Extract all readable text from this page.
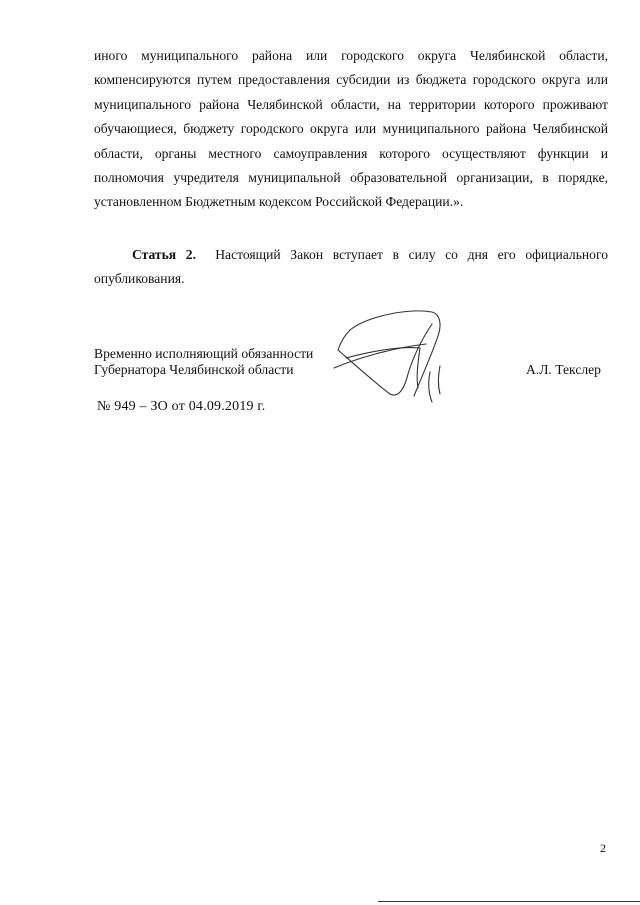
иного муниципального района или городского округа Челябинской области, компенсируются путем предоставления субсидии из бюджета городского округа или муниципального района Челябинской области, на территории которого проживают обучающиеся, бюджету городского округа или муниципального района Челябинской области, органы местного самоуправления которого осуществляют функции и полномочия учредителя муниципальной образовательной организации, в порядке, установленном Бюджетным кодексом Российской Федерации.».

Статья 2. Настоящий Закон вступает в силу со дня его официального опубликования.

Временно исполняющий обязанности
Губернатора Челябинской области	А.Л. Текслер
№ 949 – ЗО от 04.09.2019 г.
2
